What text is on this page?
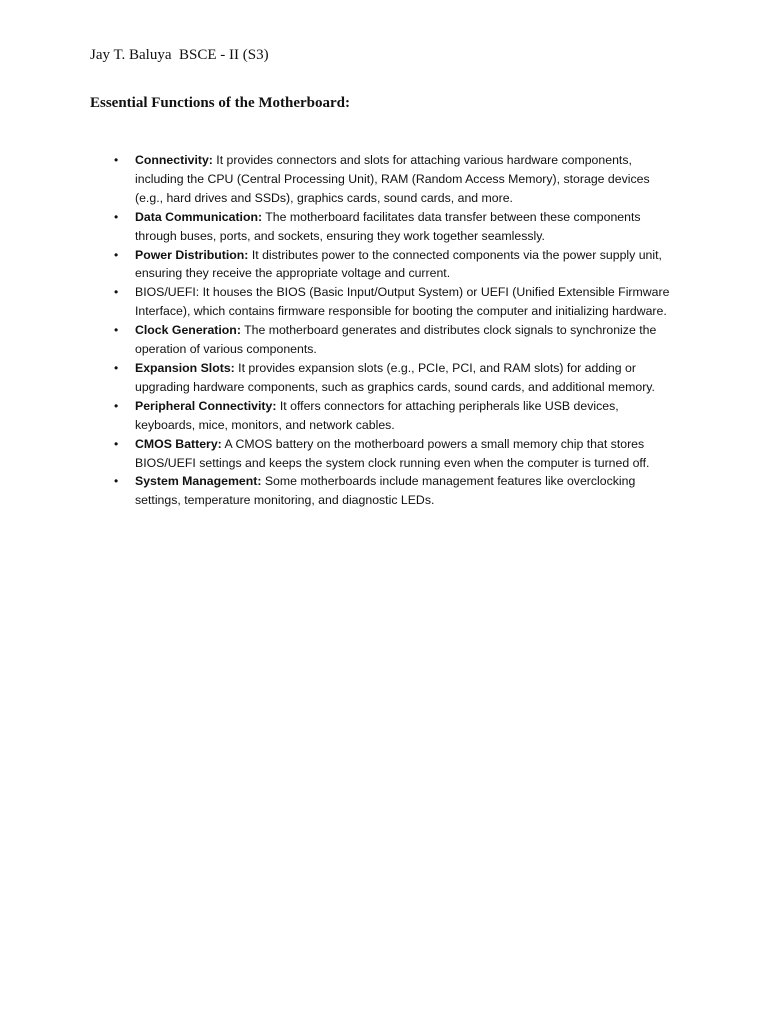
Jay T. Baluya  BSCE - II (S3)
Essential Functions of the Motherboard:
• Connectivity: It provides connectors and slots for attaching various hardware components, including the CPU (Central Processing Unit), RAM (Random Access Memory), storage devices (e.g., hard drives and SSDs), graphics cards, sound cards, and more.
• Data Communication: The motherboard facilitates data transfer between these components through buses, ports, and sockets, ensuring they work together seamlessly.
• Power Distribution: It distributes power to the connected components via the power supply unit, ensuring they receive the appropriate voltage and current.
• BIOS/UEFI: It houses the BIOS (Basic Input/Output System) or UEFI (Unified Extensible Firmware Interface), which contains firmware responsible for booting the computer and initializing hardware.
• Clock Generation: The motherboard generates and distributes clock signals to synchronize the operation of various components.
• Expansion Slots: It provides expansion slots (e.g., PCIe, PCI, and RAM slots) for adding or upgrading hardware components, such as graphics cards, sound cards, and additional memory.
• Peripheral Connectivity: It offers connectors for attaching peripherals like USB devices, keyboards, mice, monitors, and network cables.
• CMOS Battery: A CMOS battery on the motherboard powers a small memory chip that stores BIOS/UEFI settings and keeps the system clock running even when the computer is turned off.
• System Management: Some motherboards include management features like overclocking settings, temperature monitoring, and diagnostic LEDs.
